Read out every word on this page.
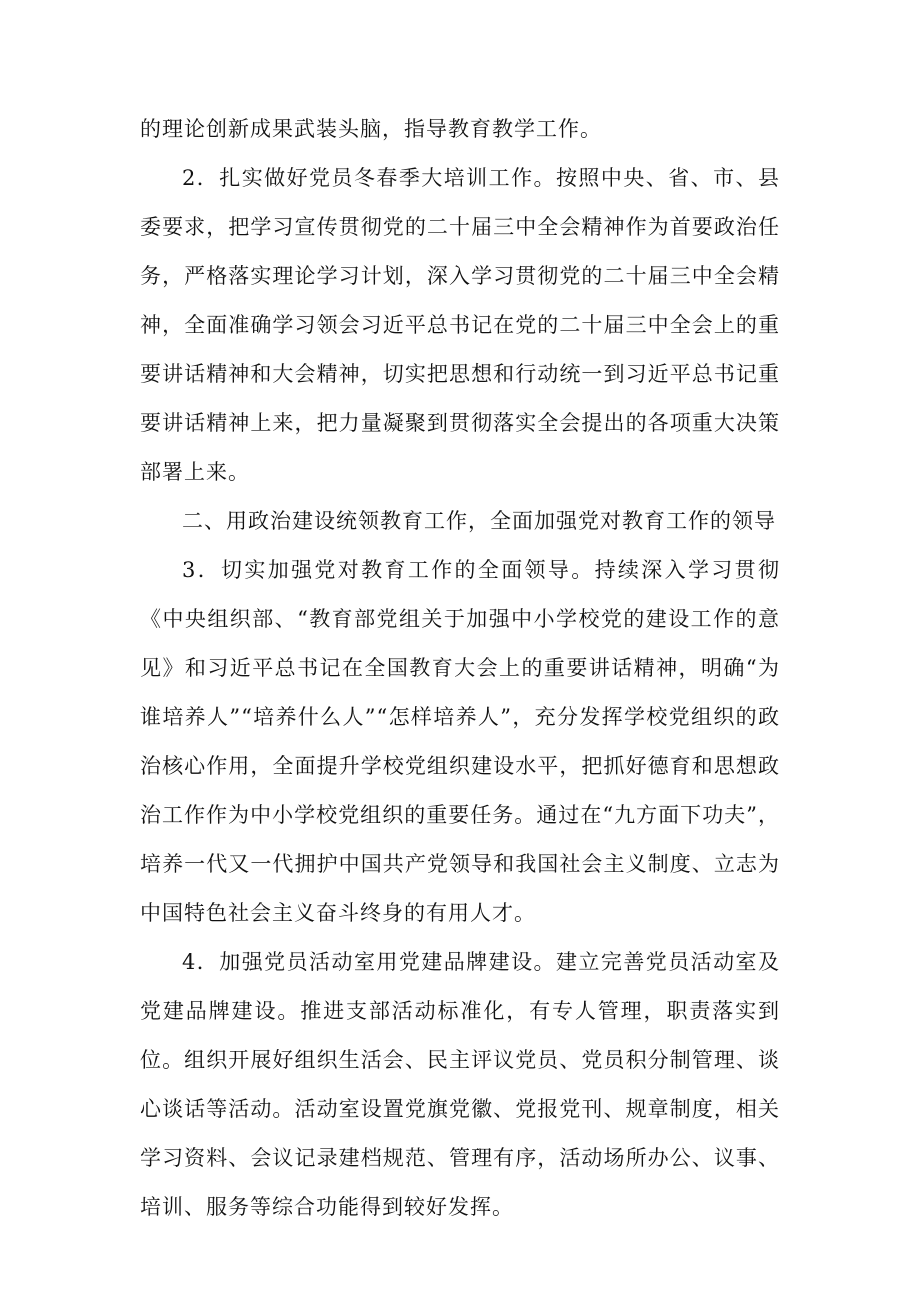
的理论创新成果武装头脑，指导教育教学工作。

2．扎实做好党员冬春季大培训工作。按照中央、省、市、县委要求，把学习宣传贯彻党的二十届三中全会精神作为首要政治任务，严格落实理论学习计划，深入学习贯彻党的二十届三中全会精神，全面准确学习领会习近平总书记在党的二十届三中全会上的重要讲话精神和大会精神，切实把思想和行动统一到习近平总书记重要讲话精神上来，把力量凝聚到贯彻落实全会提出的各项重大决策部署上来。

二、用政治建设统领教育工作，全面加强党对教育工作的领导

3．切实加强党对教育工作的全面领导。持续深入学习贯彻《中央组织部、“教育部党组关于加强中小学校党的建设工作的意见》和习近平总书记在全国教育大会上的重要讲话精神，明确“为谁培养人”“培养什么人”“怎样培养人”，充分发挥学校党组织的政治核心作用，全面提升学校党组织建设水平，把抓好德育和思想政治工作作为中小学校党组织的重要任务。通过在“九方面下功夫”，培养一代又一代拥护中国共产党领导和我国社会主义制度、立志为中国特色社会主义奋斗终身的有用人才。

4．加强党员活动室用党建品牌建设。建立完善党员活动室及党建品牌建设。推进支部活动标准化，有专人管理，职责落实到位。组织开展好组织生活会、民主评议党员、党员积分制管理、谈心谈话等活动。活动室设置党旗党徽、党报党刊、规章制度，相关学习资料、会议记录建档规范、管理有序，活动场所办公、议事、培训、服务等综合功能得到较好发挥。
